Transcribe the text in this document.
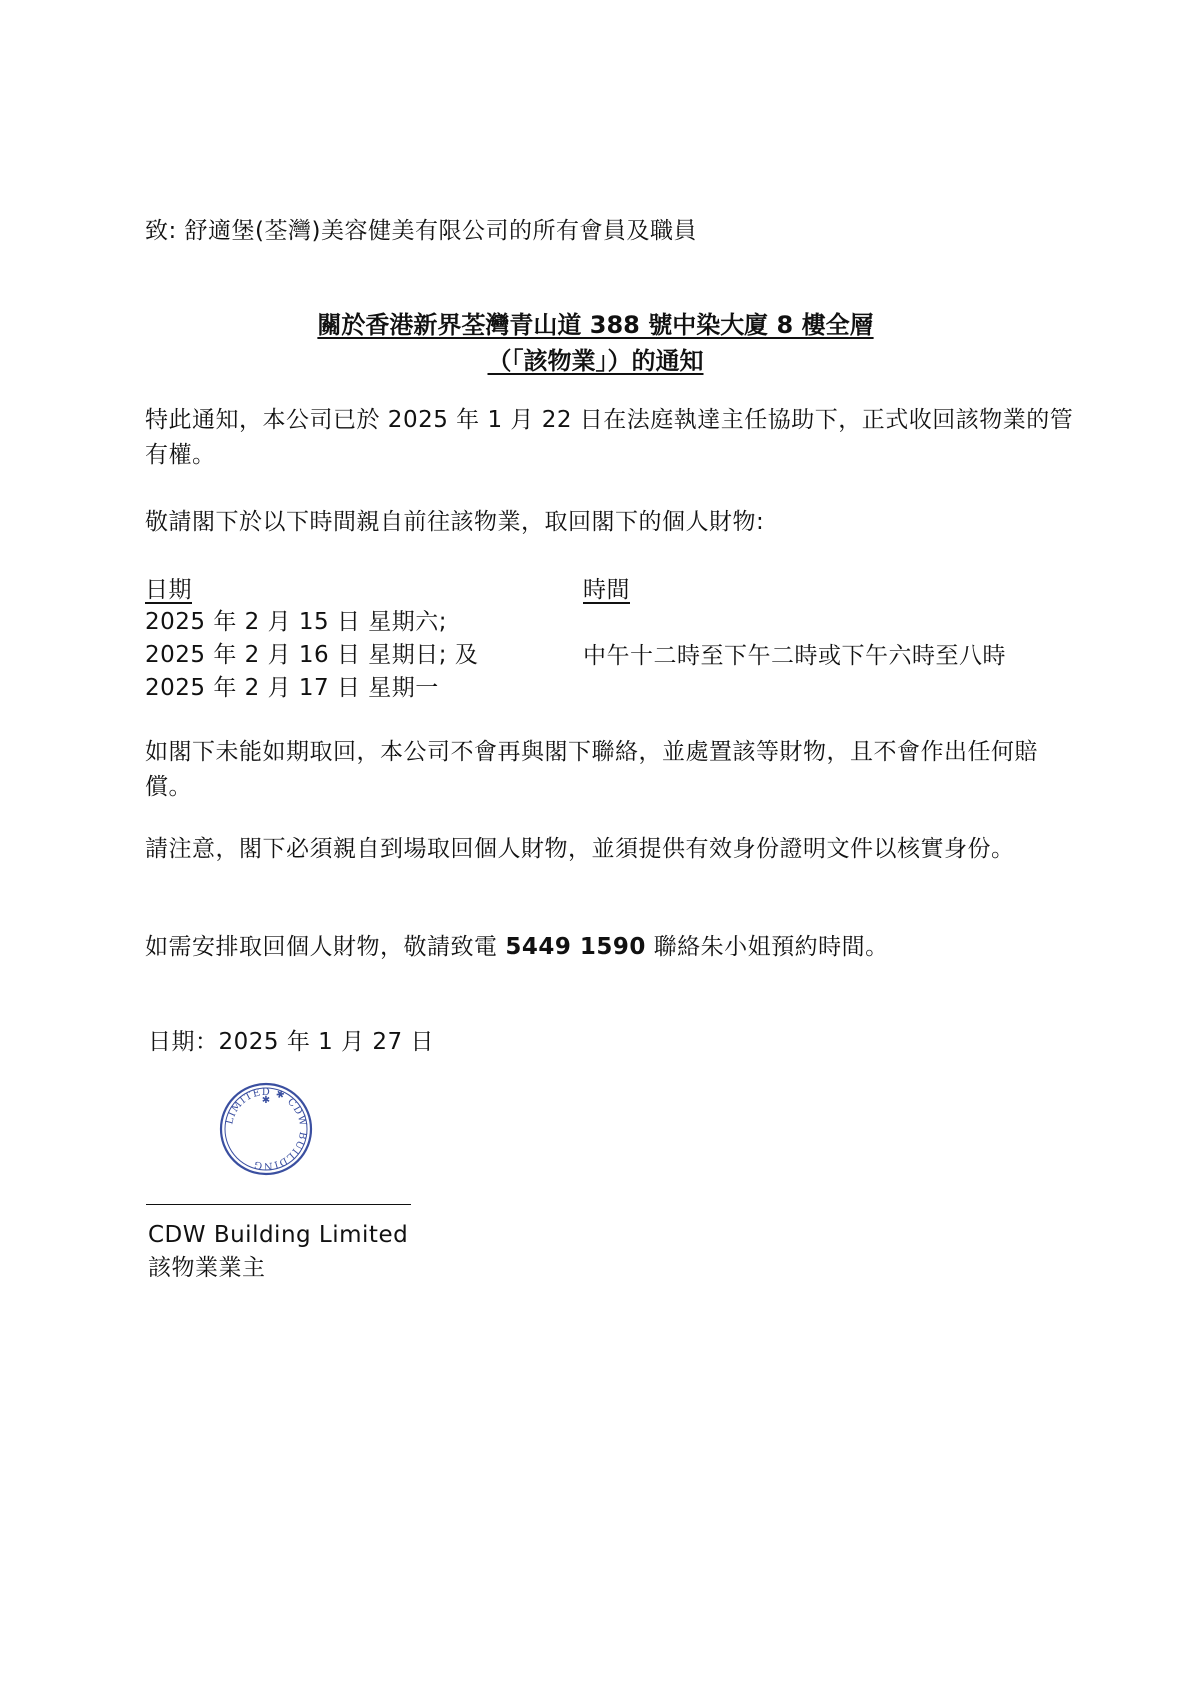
致: 舒適堡(荃灣)美容健美有限公司的所有會員及職員
關於香港新界荃灣青山道 388 號中染大廈 8 樓全層
（「該物業」）的通知
特此通知，本公司已於 2025 年 1 月 22 日在法庭執達主任協助下，正式收回該物業的管有權。
敬請閣下於以下時間親自前往該物業，取回閣下的個人財物:
日期	時間
2025 年 2 月 15 日 星期六;
2025 年 2 月 16 日 星期日; 及
2025 年 2 月 17 日 星期一
中午十二時至下午二時或下午六時至八時
如閣下未能如期取回，本公司不會再與閣下聯絡，並處置該等財物，且不會作出任何賠償。
請注意，閣下必須親自到場取回個人財物，並須提供有效身份證明文件以核實身份。
如需安排取回個人財物，敬請致電 5449 1590 聯絡朱小姐預約時間。
日期：2025 年 1 月 27 日
LIMITED ✱ CDW BUILDING
✱
CDW Building Limited
該物業業主
